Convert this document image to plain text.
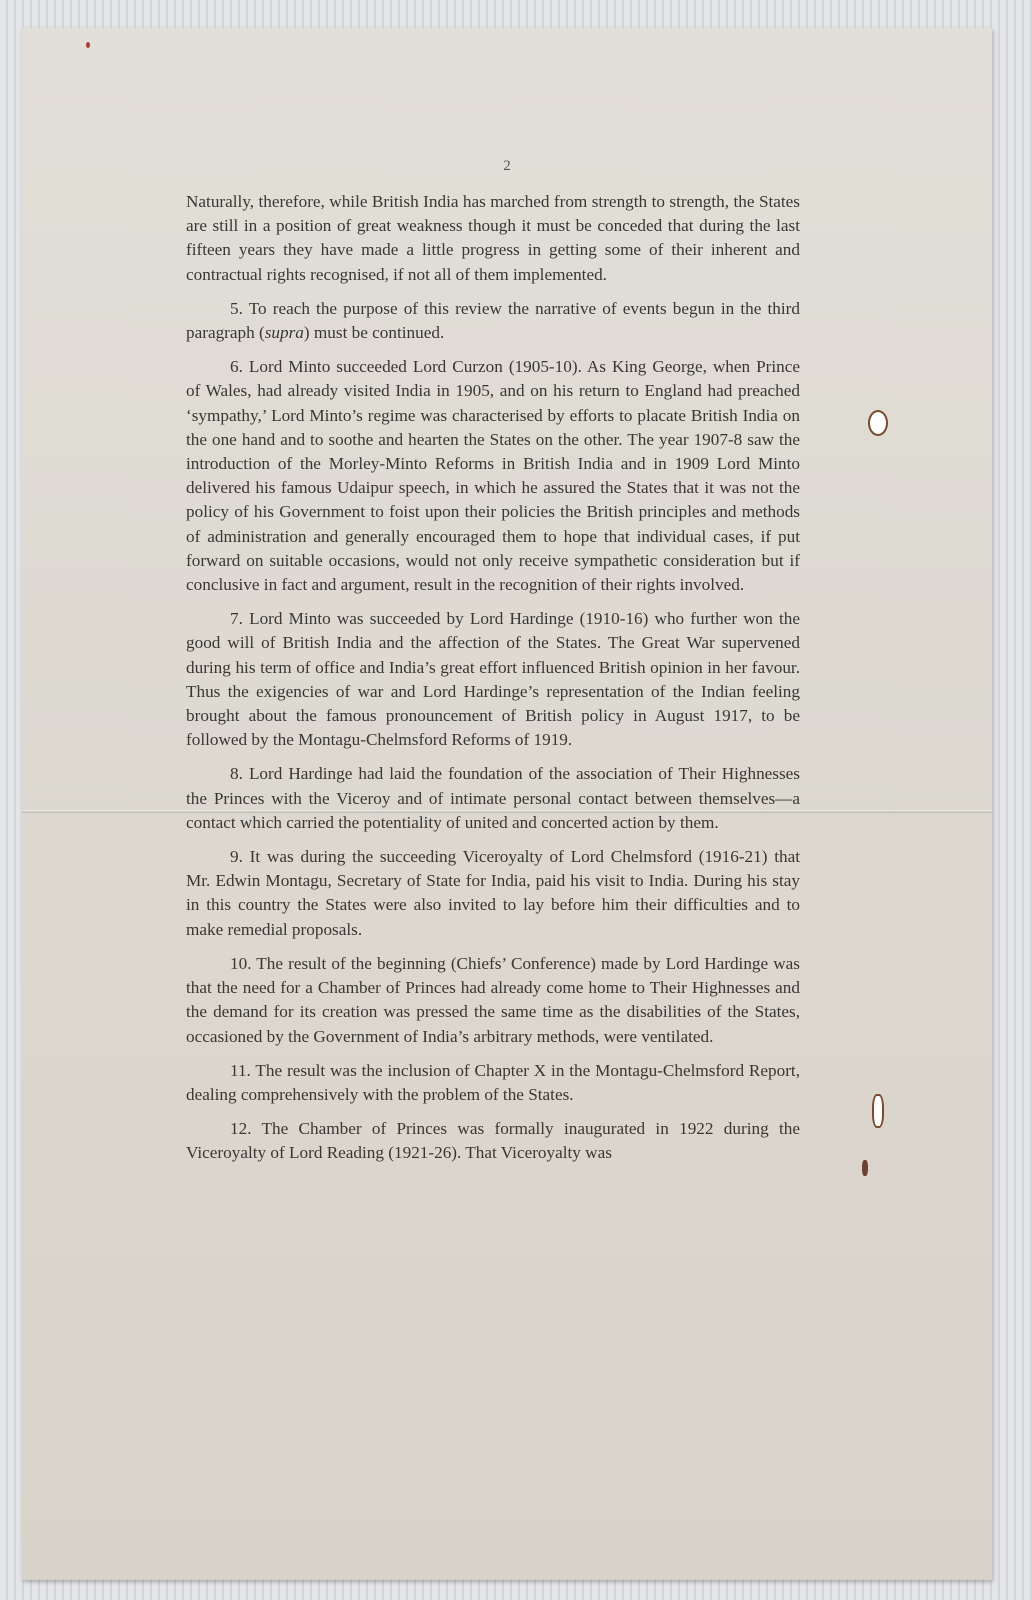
2

Naturally, therefore, while British India has marched from strength to strength, the States are still in a position of great weakness though it must be conceded that during the last fifteen years they have made a little progress in getting some of their inherent and contractual rights recognised, if not all of them implemented.

5. To reach the purpose of this review the narrative of events begun in the third paragraph (supra) must be continued.

6. Lord Minto succeeded Lord Curzon (1905-10). As King George, when Prince of Wales, had already visited India in 1905, and on his return to England had preached ‘sympathy,’ Lord Minto’s regime was characterised by efforts to placate British India on the one hand and to soothe and hearten the States on the other. The year 1907-8 saw the introduction of the Morley-Minto Reforms in British India and in 1909 Lord Minto delivered his famous Udaipur speech, in which he assured the States that it was not the policy of his Government to foist upon their policies the British principles and methods of administration and generally encouraged them to hope that individual cases, if put forward on suitable occasions, would not only receive sympathetic consideration but if conclusive in fact and argument, result in the recognition of their rights involved.

7. Lord Minto was succeeded by Lord Hardinge (1910-16) who further won the good will of British India and the affection of the States. The Great War supervened during his term of office and India’s great effort influenced British opinion in her favour. Thus the exigencies of war and Lord Hardinge’s representation of the Indian feeling brought about the famous pronouncement of British policy in August 1917, to be followed by the Montagu-Chelmsford Reforms of 1919.

8. Lord Hardinge had laid the foundation of the association of Their Highnesses the Princes with the Viceroy and of intimate personal contact between themselves—a contact which carried the potentiality of united and concerted action by them.

9. It was during the succeeding Viceroyalty of Lord Chelmsford (1916-21) that Mr. Edwin Montagu, Secretary of State for India, paid his visit to India. During his stay in this country the States were also invited to lay before him their difficulties and to make remedial proposals.

10. The result of the beginning (Chiefs’ Conference) made by Lord Hardinge was that the need for a Chamber of Princes had already come home to Their Highnesses and the demand for its creation was pressed the same time as the disabilities of the States, occasioned by the Government of India’s arbitrary methods, were ventilated.

11. The result was the inclusion of Chapter X in the Montagu-Chelmsford Report, dealing comprehensively with the problem of the States.

12. The Chamber of Princes was formally inaugurated in 1922 during the Viceroyalty of Lord Reading (1921-26). That Viceroyalty was
